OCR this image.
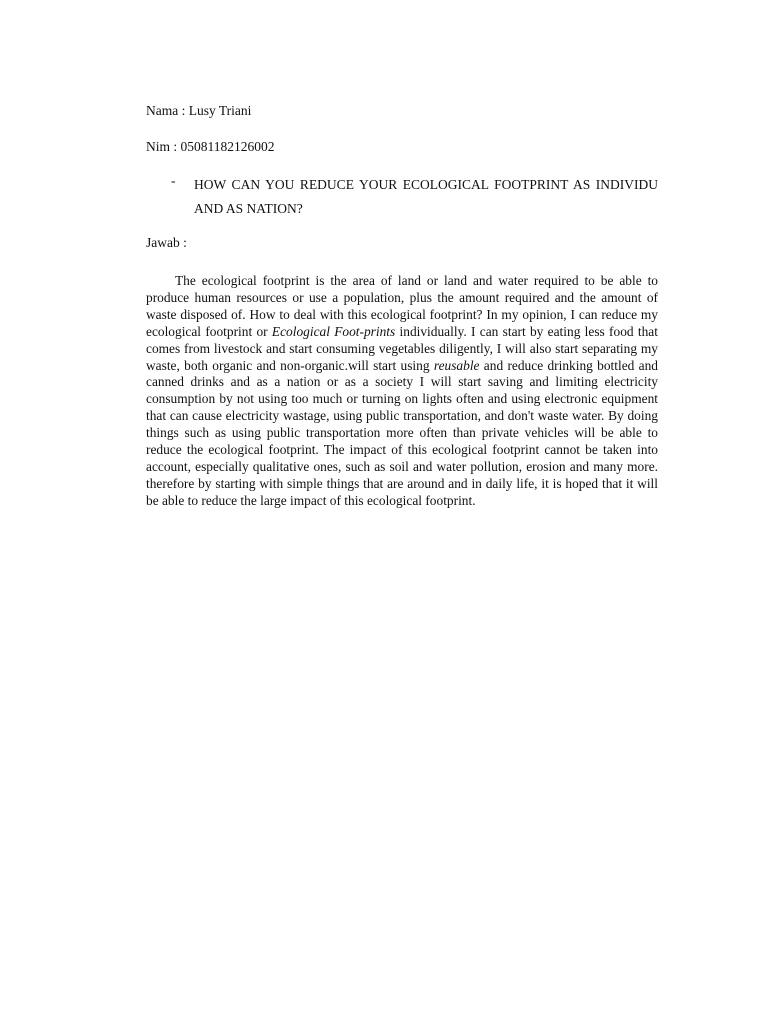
Nama : Lusy Triani
Nim : 05081182126002
- HOW CAN YOU REDUCE YOUR ECOLOGICAL FOOTPRINT AS INDIVIDU AND AS NATION?
Jawab :

The ecological footprint is the area of land or land and water required to be able to produce human resources or use a population, plus the amount required and the amount of waste disposed of. How to deal with this ecological footprint? In my opinion, I can reduce my ecological footprint or Ecological Foot-prints individually. I can start by eating less food that comes from livestock and start consuming vegetables diligently, I will also start separating my waste, both organic and non-organic.will start using reusable and reduce drinking bottled and canned drinks and as a nation or as a society I will start saving and limiting electricity consumption by not using too much or turning on lights often and using electronic equipment that can cause electricity wastage, using public transportation, and don't waste water. By doing things such as using public transportation more often than private vehicles will be able to reduce the ecological footprint. The impact of this ecological footprint cannot be taken into account, especially qualitative ones, such as soil and water pollution, erosion and many more. therefore by starting with simple things that are around and in daily life, it is hoped that it will be able to reduce the large impact of this ecological footprint.
